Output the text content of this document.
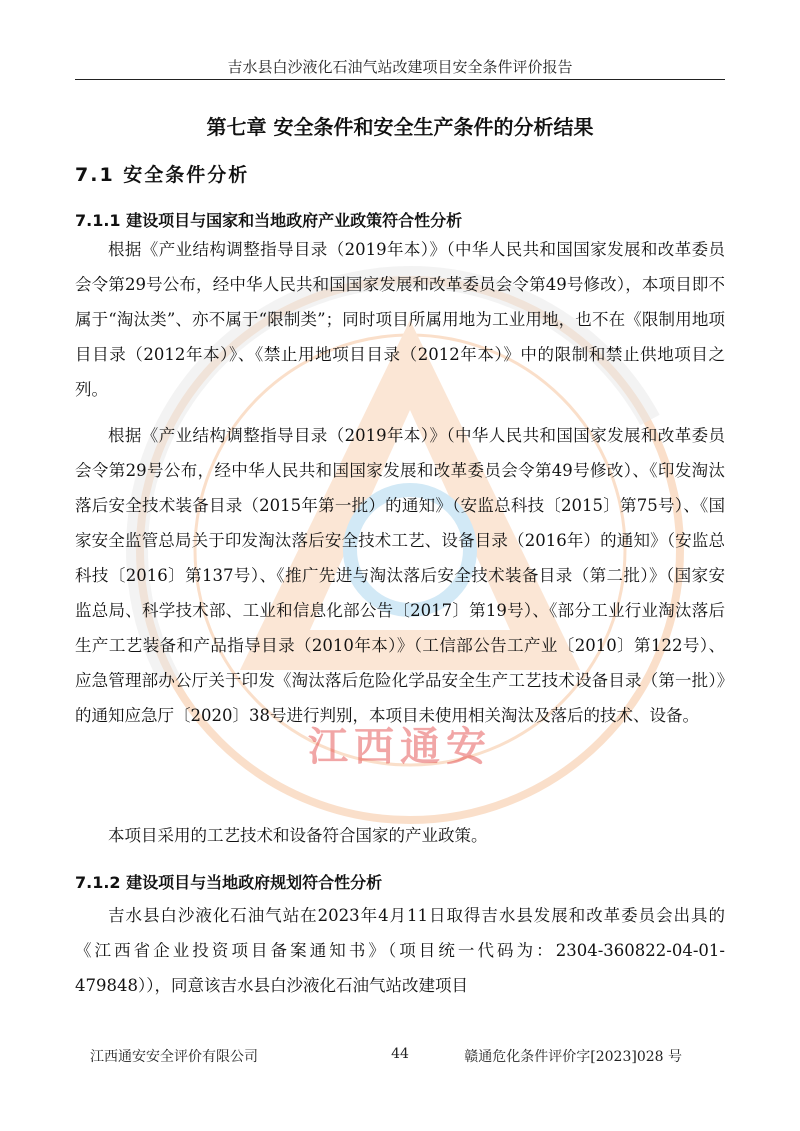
吉水县白沙液化石油气站改建项目安全条件评价报告
江西通安
第七章 安全条件和安全生产条件的分析结果
7.1 安全条件分析
7.1.1 建设项目与国家和当地政府产业政策符合性分析

根据《产业结构调整指导目录（2019年本）》（中华人民共和国国家发展和改革委员会令第29号公布，经中华人民共和国国家发展和改革委员会令第49号修改），本项目即不属于“淘汰类”、亦不属于“限制类”；同时项目所属用地为工业用地，也不在《限制用地项目目录（2012年本）》、《禁止用地项目目录（2012年本）》中的限制和禁止供地项目之列。

根据《产业结构调整指导目录（2019年本）》（中华人民共和国国家发展和改革委员会令第29号公布，经中华人民共和国国家发展和改革委员会令第49号修改）、《印发淘汰落后安全技术装备目录（2015年第一批）的通知》（安监总科技〔2015〕第75号）、《国家安全监管总局关于印发淘汰落后安全技术工艺、设备目录（2016年）的通知》（安监总科技〔2016〕第137号）、《推广先进与淘汰落后安全技术装备目录（第二批）》（国家安监总局、科学技术部、工业和信息化部公告〔2017〕第19号）、《部分工业行业淘汰落后生产工艺装备和产品指导目录（2010年本）》（工信部公告工产业〔2010〕第122号）、应急管理部办公厅关于印发《淘汰落后危险化学品安全生产工艺技术设备目录（第一批）》的通知应急厅〔2020〕38号进行判别，本项目未使用相关淘汰及落后的技术、设备。

本项目采用的工艺技术和设备符合国家的产业政策。

7.1.2 建设项目与当地政府规划符合性分析

吉水县白沙液化石油气站在2023年4月11日取得吉水县发展和改革委员会出具的《江西省企业投资项目备案通知书》（项目统一代码为：2304-360822-04-01-479848）），同意该吉水县白沙液化石油气站改建项目

江西通安安全评价有限公司	44	赣通危化条件评价字[2023]028 号
